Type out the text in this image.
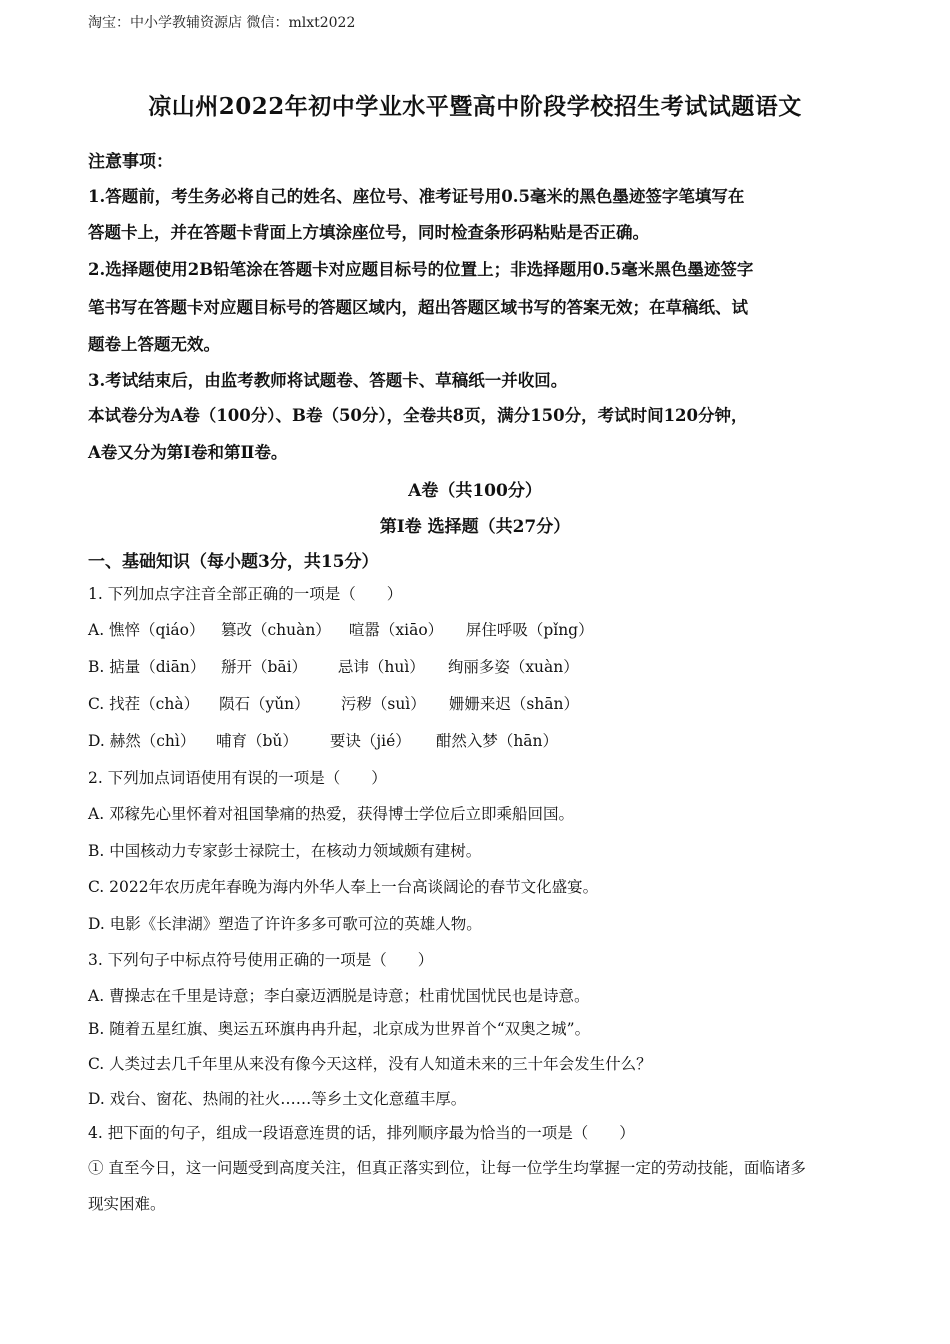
淘宝：中小学教辅资源店 微信：mlxt2022
凉山州2022年初中学业水平暨高中阶段学校招生考试试题语文
注意事项：
1.答题前，考生务必将自己的姓名、座位号、准考证号用0.5毫米的黑色墨迹签字笔填写在
答题卡上，并在答题卡背面上方填涂座位号，同时检查条形码粘贴是否正确。
2.选择题使用2B铅笔涂在答题卡对应题目标号的位置上；非选择题用0.5毫米黑色墨迹签字
笔书写在答题卡对应题目标号的答题区域内，超出答题区域书写的答案无效；在草稿纸、试
题卷上答题无效。
3.考试结束后，由监考教师将试题卷、答题卡、草稿纸一并收回。
本试卷分为A卷（100分）、B卷（50分），全卷共8页，满分150分，考试时间120分钟，
A卷又分为第Ⅰ卷和第Ⅱ卷。
A卷（共100分）
第Ⅰ卷 选择题（共27分）
一、基础知识（每小题3分，共15分）
1. 下列加点字注音全部正确的一项是（　　）
A. 憔悴（qiáo） 篡改（chuàn） 喧嚣（xiāo） 屏住呼吸（pǐng）
B. 掂量（diān） 掰开（bāi） 忌讳（huì） 绚丽多姿（xuàn）
C. 找茬（chà） 陨石（yǔn） 污秽（suì） 姗姗来迟（shān）
D. 赫然（chì） 哺育（bǔ） 要诀（jié） 酣然入梦（hān）
2. 下列加点词语使用有误的一项是（　　）
A. 邓稼先心里怀着对祖国挚痛的热爱，获得博士学位后立即乘船回国。
B. 中国核动力专家彭士禄院士，在核动力领域颇有建树。
C. 2022年农历虎年春晚为海内外华人奉上一台高谈阔论的春节文化盛宴。
D. 电影《长津湖》塑造了许许多多可歌可泣的英雄人物。
3. 下列句子中标点符号使用正确的一项是（　　）
A. 曹操志在千里是诗意；李白豪迈洒脱是诗意；杜甫忧国忧民也是诗意。
B. 随着五星红旗、奥运五环旗冉冉升起，北京成为世界首个“双奥之城”。
C. 人类过去几千年里从来没有像今天这样，没有人知道未来的三十年会发生什么？
D. 戏台、窗花、热闹的社火……等乡土文化意蕴丰厚。
4. 把下面的句子，组成一段语意连贯的话，排列顺序最为恰当的一项是（　　）
① 直至今日，这一问题受到高度关注，但真正落实到位，让每一位学生均掌握一定的劳动技能，面临诸多
现实困难。
